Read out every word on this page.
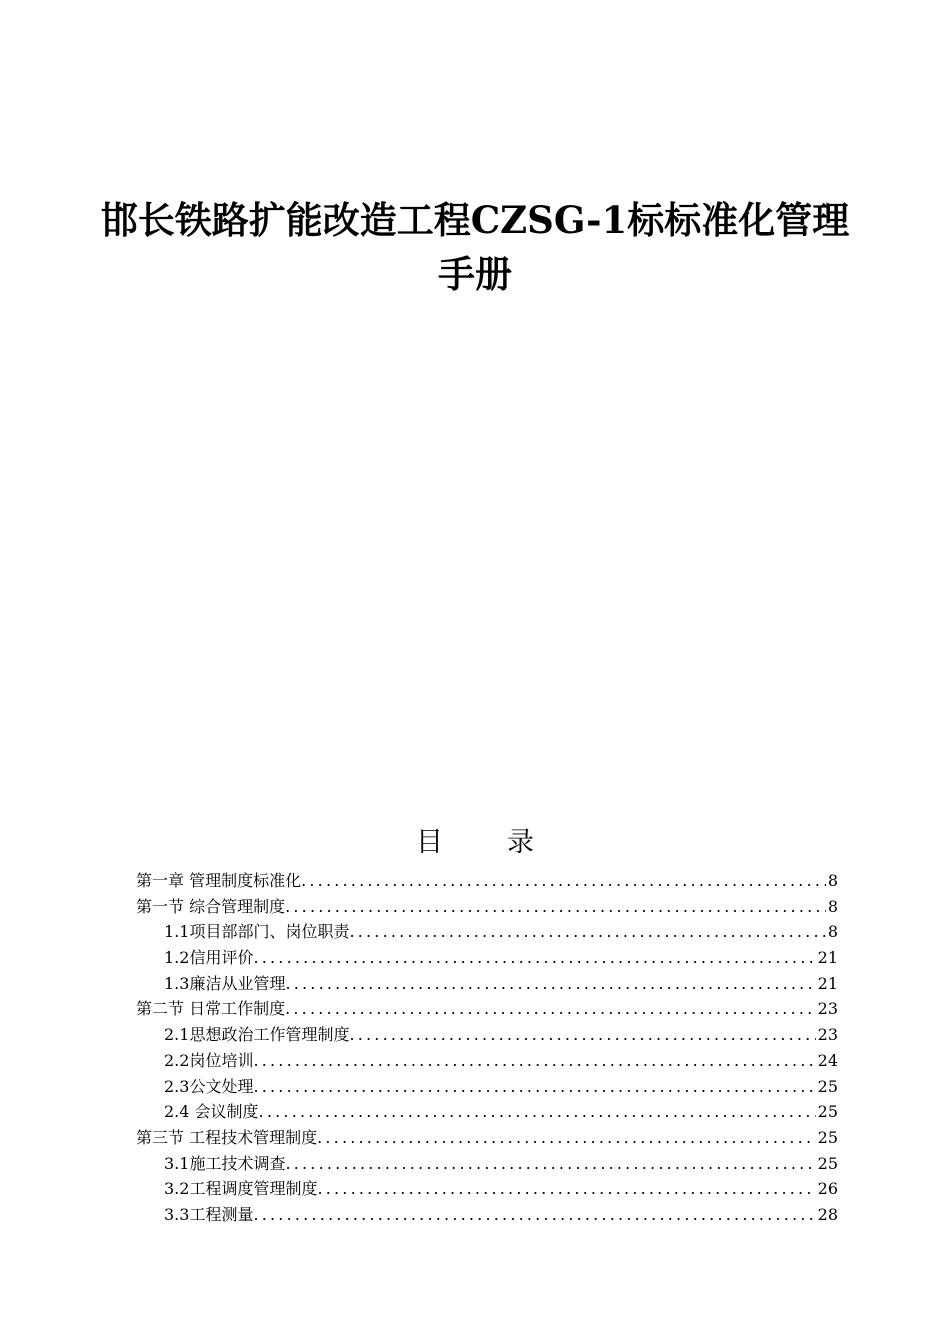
邯长铁路扩能改造工程CZSG-1标标准化管理
手册
目 录
第一章 管理制度标准化 .....	8
第一节 综合管理制度 .....	8
1.1项目部部门、岗位职责 .....	8
1.2信用评价 .....	21
1.3廉洁从业管理 .....	21
第二节 日常工作制度 .....	23
2.1思想政治工作管理制度 .....	23
2.2岗位培训 .....	24
2.3公文处理 .....	25
2.4 会议制度 .....	25
第三节 工程技术管理制度 .....	25
3.1施工技术调查 .....	25
3.2工程调度管理制度 .....	26
3.3工程测量 .....	28
